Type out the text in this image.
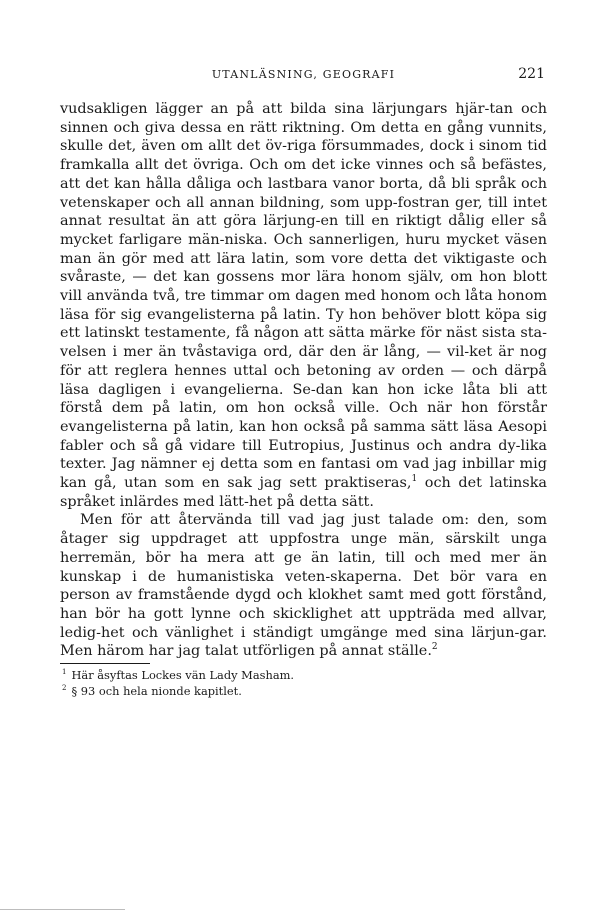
UTANLÄSNING, GEOGRAFI	221

vudsakligen lägger an på att bilda sina lärjungars hjär-tan och sinnen och giva dessa en rätt riktning. Om detta en gång vunnits, skulle det, även om allt det öv-riga försummades, dock i sinom tid framkalla allt det övriga. Och om det icke vinnes och så befästes, att det kan hålla dåliga och lastbara vanor borta, då bli språk och vetenskaper och all annan bildning, som upp-fostran ger, till intet annat resultat än att göra lärjung-en till en riktigt dålig eller så mycket farligare män-niska. Och sannerligen, huru mycket väsen man än gör med att lära latin, som vore detta det viktigaste och svåraste, — det kan gossens mor lära honom själv, om hon blott vill använda två, tre timmar om dagen med honom och låta honom läsa för sig evangelisterna på latin. Ty hon behöver blott köpa sig ett latinskt testamente, få någon att sätta märke för näst sista sta-velsen i mer än tvåstaviga ord, där den är lång, — vil-ket är nog för att reglera hennes uttal och betoning av orden — och därpå läsa dagligen i evangelierna. Se-dan kan hon icke låta bli att förstå dem på latin, om hon också ville. Och när hon förstår evangelisterna på latin, kan hon också på samma sätt läsa Aesopi fabler och så gå vidare till Eutropius, Justinus och andra dy-lika texter. Jag nämner ej detta som en fantasi om vad jag inbillar mig kan gå, utan som en sak jag sett praktiseras,$^1$ och det latinska språket inlärdes med lätt-het på detta sätt.

Men för att återvända till vad jag just talade om: den, som åtager sig uppdraget att uppfostra unge män, särskilt unga herremän, bör ha mera att ge än latin, till och med mer än kunskap i de humanistiska veten-skaperna. Det bör vara en person av framstående dygd och klokhet samt med gott förstånd, han bör ha gott lynne och skicklighet att uppträda med allvar, ledig-het och vänlighet i ständigt umgänge med sina lärjun-gar. Men härom har jag talat utförligen på annat ställe.$^2$

$^1$ Här åsyftas Lockes vän Lady Masham.
$^2$ § 93 och hela nionde kapitlet.
